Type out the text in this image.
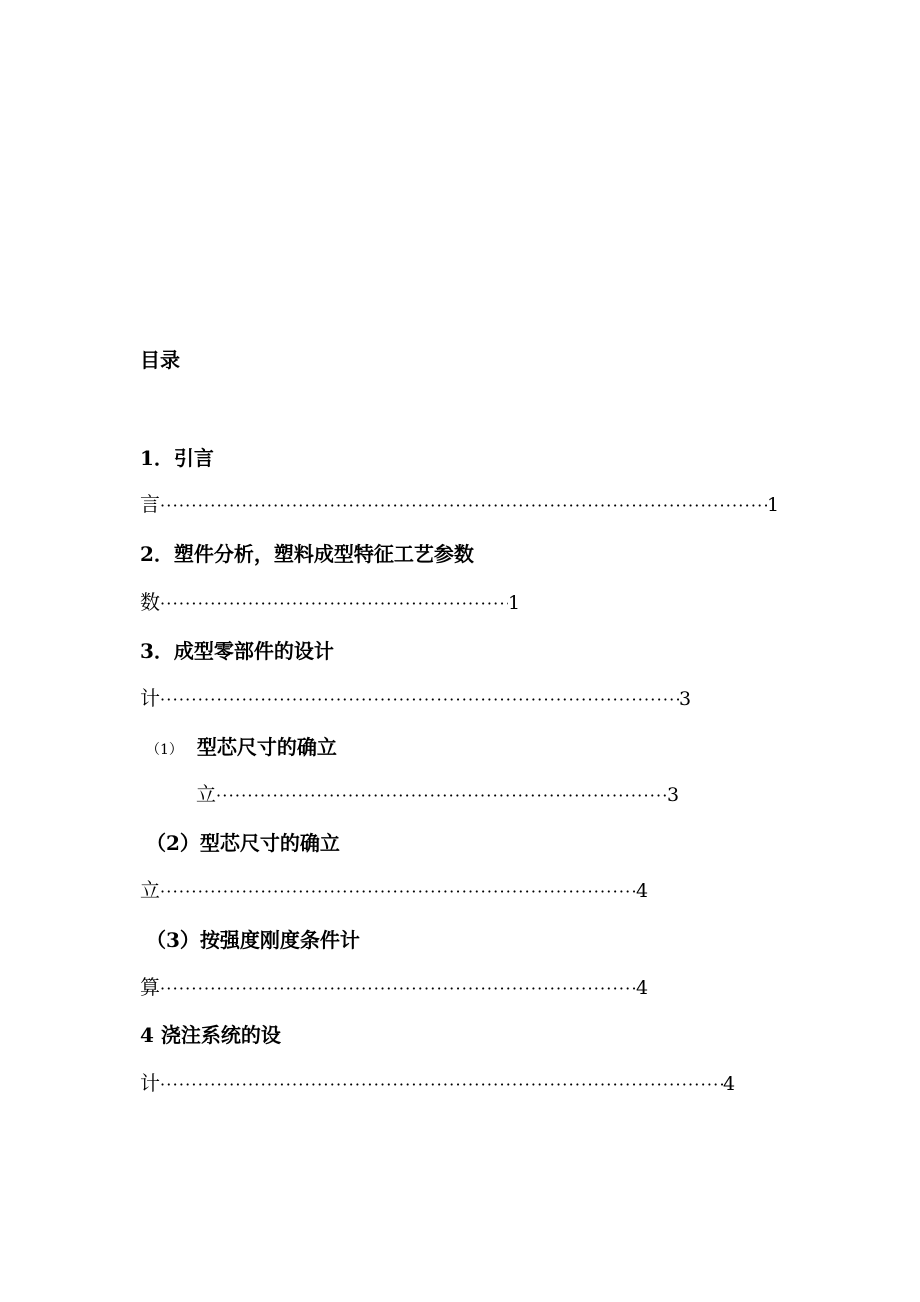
目录
1．引言
言 ·····	1
2．塑件分析，塑料成型特征工艺参数
数 ·····	1
3．成型零部件的设计
计 ·····	3
（1） 型芯尺寸的确立
立 ·····	3
（2）型芯尺寸的确立
立 ·····	4
（3）按强度刚度条件计
算 ·····	4
4 浇注系统的设
计 ·····	4
